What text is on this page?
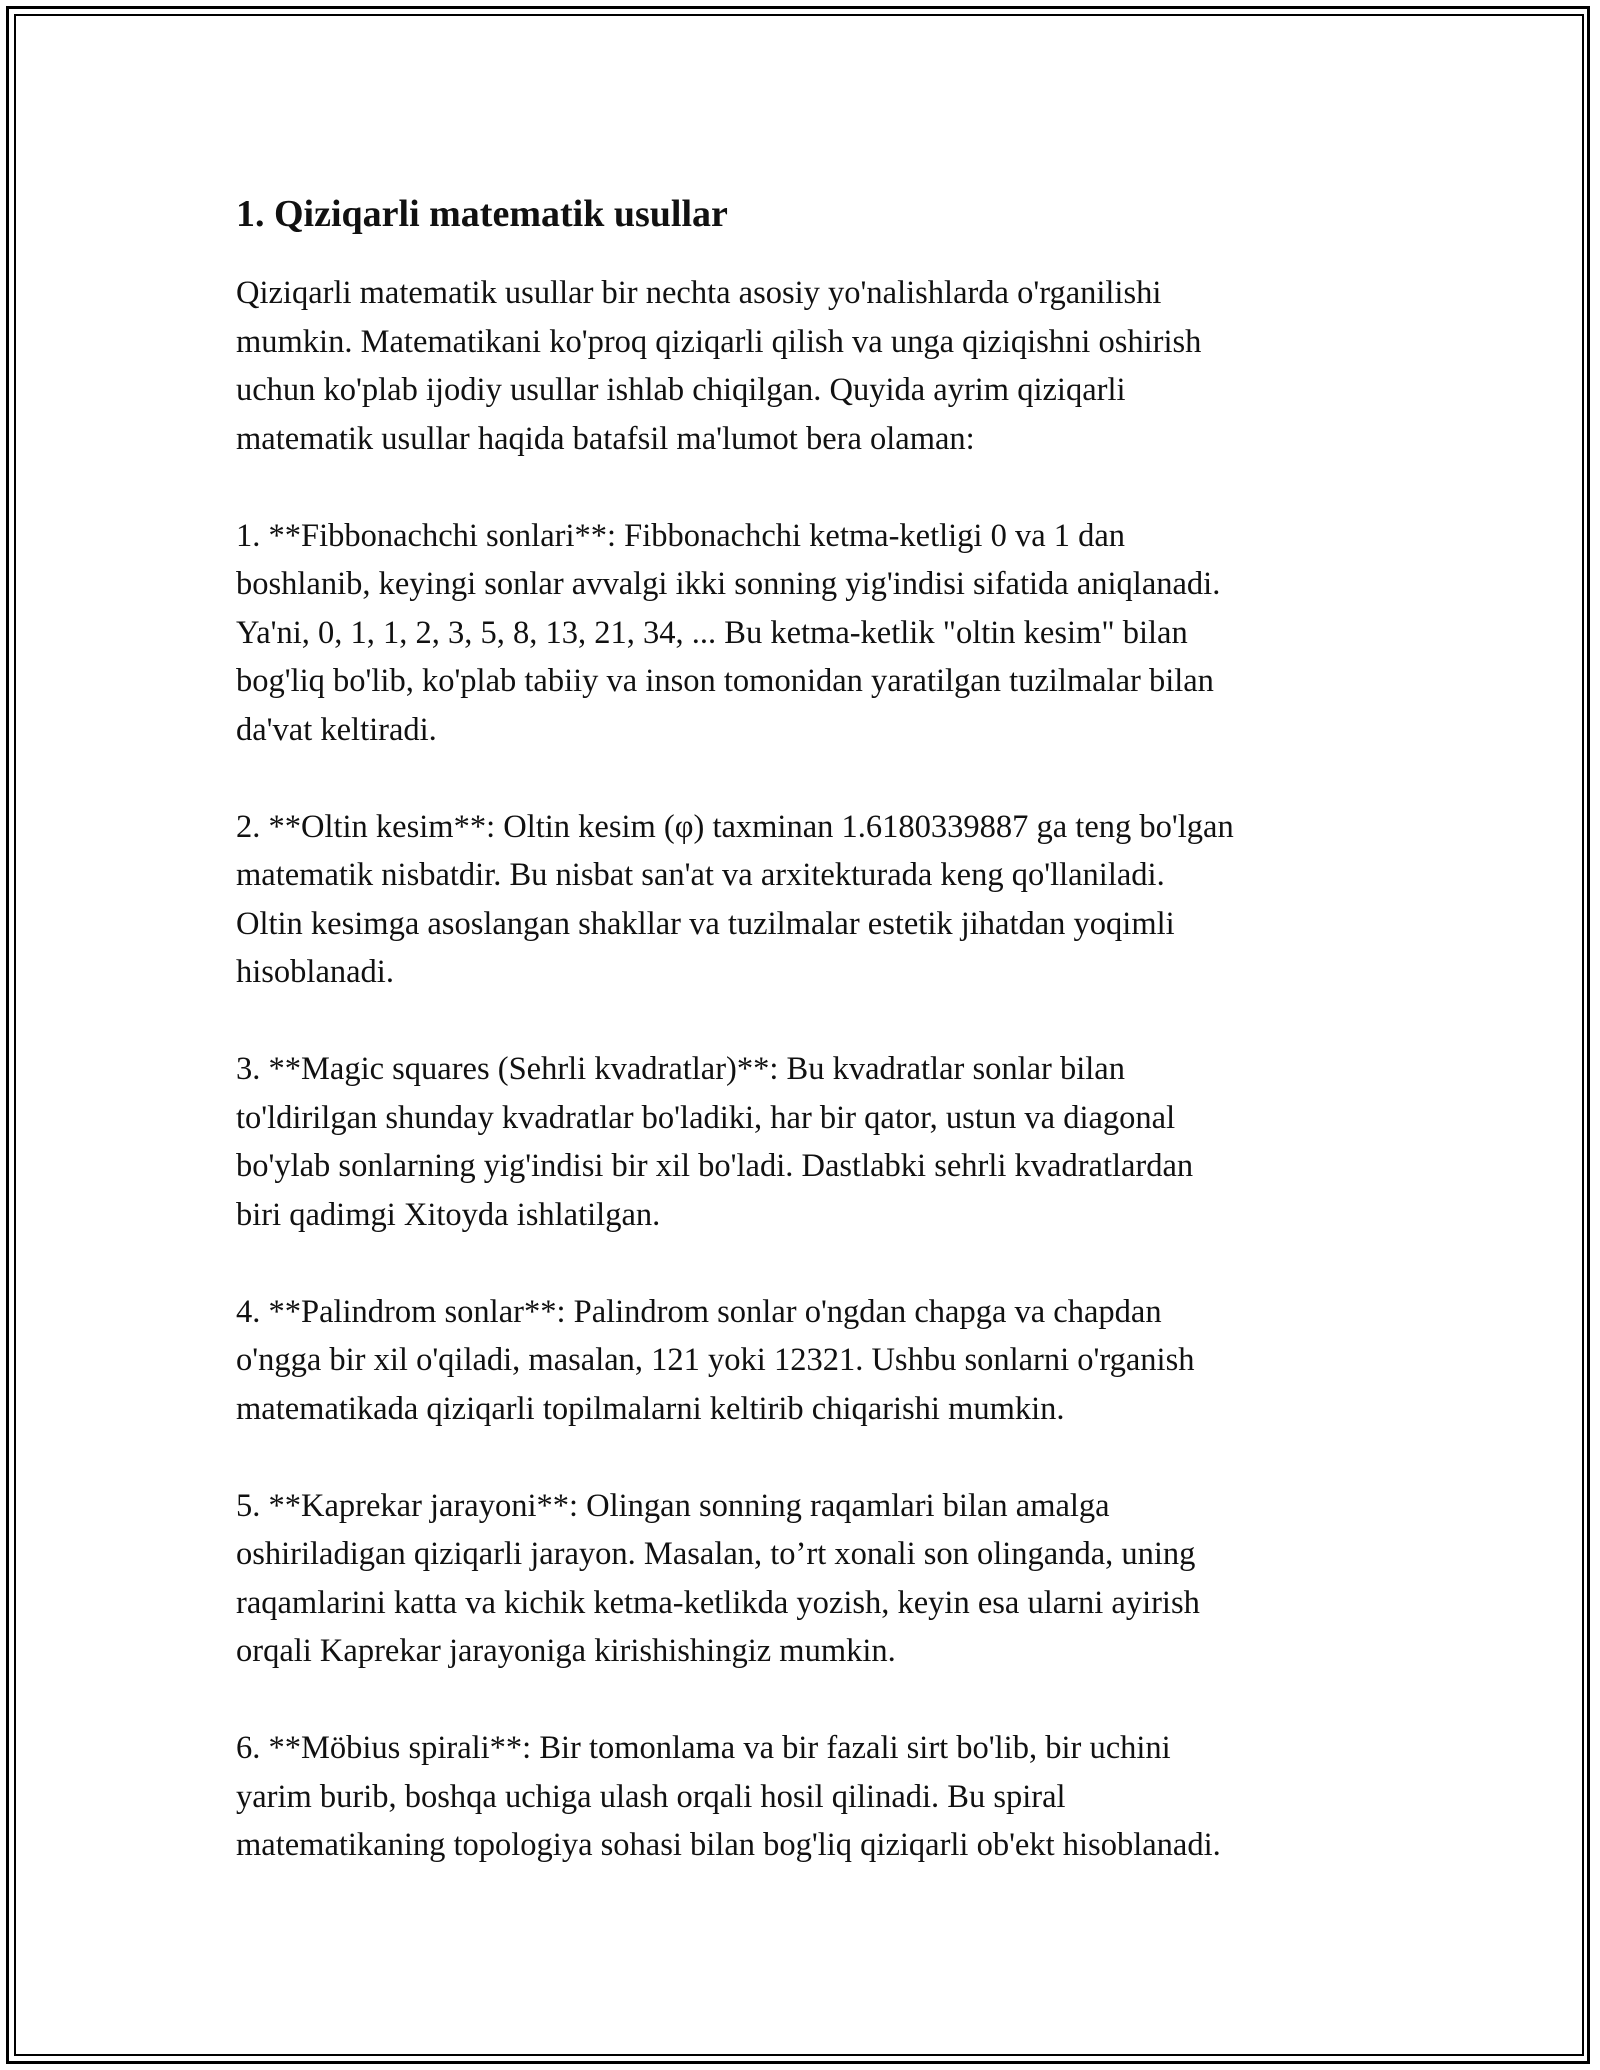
1. Qiziqarli matematik usullar

Qiziqarli matematik usullar bir nechta asosiy yo'nalishlarda o'rganilishi
mumkin. Matematikani ko'proq qiziqarli qilish va unga qiziqishni oshirish
uchun ko'plab ijodiy usullar ishlab chiqilgan. Quyida ayrim qiziqarli
matematik usullar haqida batafsil ma'lumot bera olaman:

1. **Fibbonachchi sonlari**: Fibbonachchi ketma-ketligi 0 va 1 dan
boshlanib, keyingi sonlar avvalgi ikki sonning yig'indisi sifatida aniqlanadi.
Ya'ni, 0, 1, 1, 2, 3, 5, 8, 13, 21, 34, ... Bu ketma-ketlik "oltin kesim" bilan
bog'liq bo'lib, ko'plab tabiiy va inson tomonidan yaratilgan tuzilmalar bilan
da'vat keltiradi.

2. **Oltin kesim**: Oltin kesim (φ) taxminan 1.6180339887 ga teng bo'lgan
matematik nisbatdir. Bu nisbat san'at va arxitekturada keng qo'llaniladi.
Oltin kesimga asoslangan shakllar va tuzilmalar estetik jihatdan yoqimli
hisoblanadi.

3. **Magic squares (Sehrli kvadratlar)**: Bu kvadratlar sonlar bilan
to'ldirilgan shunday kvadratlar bo'ladiki, har bir qator, ustun va diagonal
bo'ylab sonlarning yig'indisi bir xil bo'ladi. Dastlabki sehrli kvadratlardan
biri qadimgi Xitoyda ishlatilgan.

4. **Palindrom sonlar**: Palindrom sonlar o'ngdan chapga va chapdan
o'ngga bir xil o'qiladi, masalan, 121 yoki 12321. Ushbu sonlarni o'rganish
matematikada qiziqarli topilmalarni keltirib chiqarishi mumkin.

5. **Kaprekar jarayoni**: Olingan sonning raqamlari bilan amalga
oshiriladigan qiziqarli jarayon. Masalan, to’rt xonali son olinganda, uning
raqamlarini katta va kichik ketma-ketlikda yozish, keyin esa ularni ayirish
orqali Kaprekar jarayoniga kirishishingiz mumkin.

6. **Möbius spirali**: Bir tomonlama va bir fazali sirt bo'lib, bir uchini
yarim burib, boshqa uchiga ulash orqali hosil qilinadi. Bu spiral
matematikaning topologiya sohasi bilan bog'liq qiziqarli ob'ekt hisoblanadi.
